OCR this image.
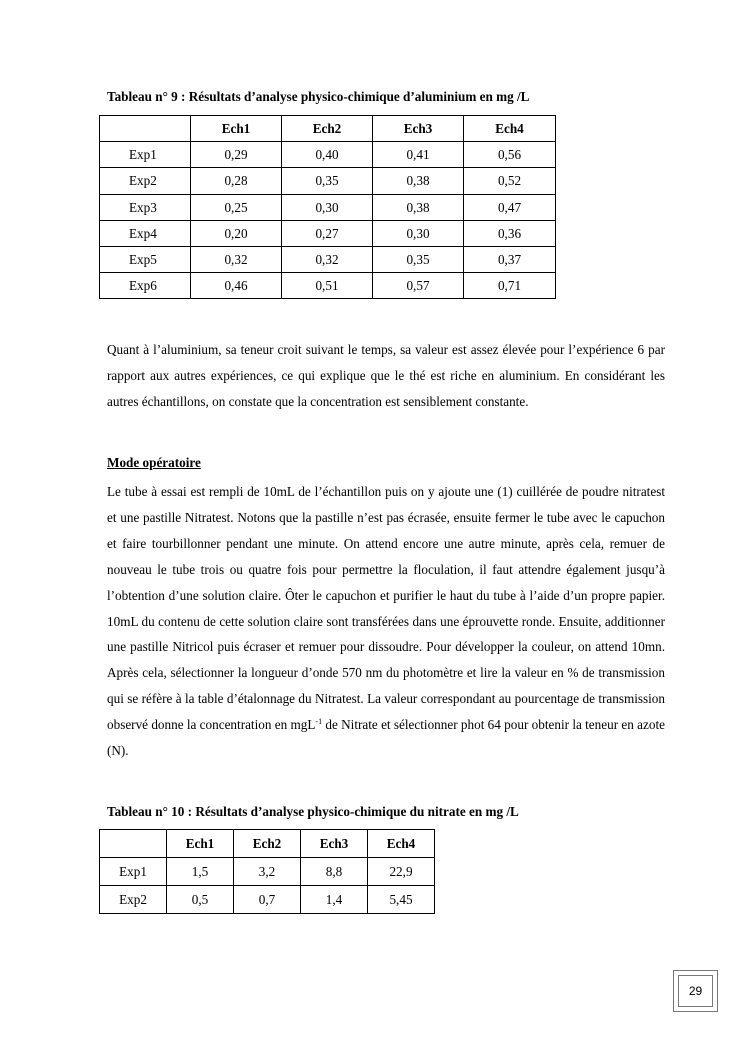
Tableau n° 9 : Résultats d’analyse physico-chimique d’aluminium en mg /L
	Ech1	Ech2	Ech3	Ech4
Exp1	0,29	0,40	0,41	0,56
Exp2	0,28	0,35	0,38	0,52
Exp3	0,25	0,30	0,38	0,47
Exp4	0,20	0,27	0,30	0,36
Exp5	0,32	0,32	0,35	0,37
Exp6	0,46	0,51	0,57	0,71

Quant à l’aluminium, sa teneur croit suivant le temps, sa valeur est assez élevée pour l’expérience 6 par rapport aux autres expériences, ce qui explique que le thé est riche en aluminium. En considérant les autres échantillons, on constate que la concentration est sensiblement constante.

Mode opératoire

Le tube à essai est rempli de 10mL de l’échantillon puis on y ajoute une (1) cuillérée de poudre nitratest et une pastille Nitratest. Notons que la pastille n’est pas écrasée, ensuite fermer le tube avec le capuchon et faire tourbillonner pendant une minute. On attend encore une autre minute, après cela, remuer de nouveau le tube trois ou quatre fois pour permettre la floculation, il faut attendre également jusqu’à l’obtention d’une solution claire. Ôter le capuchon et purifier le haut du tube à l’aide d’un propre papier. 10mL du contenu de cette solution claire sont transférées dans une éprouvette ronde. Ensuite, additionner une pastille Nitricol puis écraser et remuer pour dissoudre. Pour développer la couleur, on attend 10mn. Après cela, sélectionner la longueur d’onde 570 nm du photomètre et lire la valeur en % de transmission qui se réfère à la table d’étalonnage du Nitratest. La valeur correspondant au pourcentage de transmission observé donne la concentration en mgL$^{-1}$ de Nitrate et sélectionner phot 64 pour obtenir la teneur en azote (N).

Tableau n° 10 : Résultats d’analyse physico-chimique du nitrate en mg /L
	Ech1	Ech2	Ech3	Ech4
Exp1	1,5	3,2	8,8	22,9
Exp2	0,5	0,7	1,4	5,45
29
